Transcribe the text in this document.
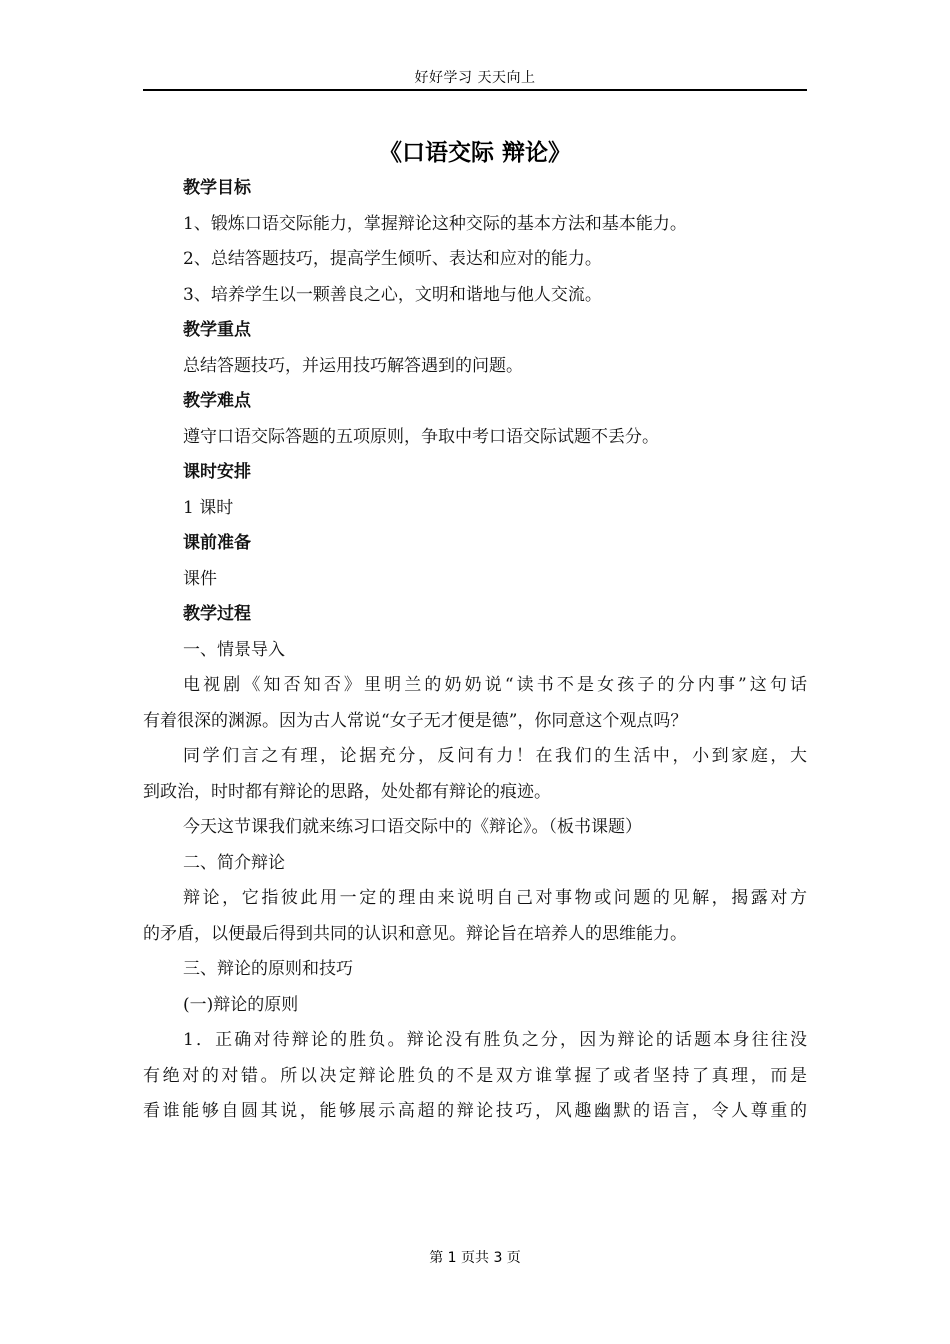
好好学习 天天向上
《口语交际 辩论》
教学目标
1、锻炼口语交际能力，掌握辩论这种交际的基本方法和基本能力。
2、总结答题技巧，提高学生倾听、表达和应对的能力。
3、培养学生以一颗善良之心，文明和谐地与他人交流。
教学重点
总结答题技巧，并运用技巧解答遇到的问题。
教学难点
遵守口语交际答题的五项原则，争取中考口语交际试题不丢分。
课时安排
1 课时
课前准备
课件
教学过程
一、情景导入
电视剧《知否知否》里明兰的奶奶说“读书不是女孩子的分内事”这句话
有着很深的渊源。因为古人常说“女子无才便是德”，你同意这个观点吗？
同学们言之有理，论据充分，反问有力！在我们的生活中，小到家庭，大
到政治，时时都有辩论的思路，处处都有辩论的痕迹。
今天这节课我们就来练习口语交际中的《辩论》。（板书课题）
二、简介辩论
辩论，它指彼此用一定的理由来说明自己对事物或问题的见解，揭露对方
的矛盾，以便最后得到共同的认识和意见。辩论旨在培养人的思维能力。
三、辩论的原则和技巧
(一)辩论的原则
1．正确对待辩论的胜负。辩论没有胜负之分，因为辩论的话题本身往往没
有绝对的对错。所以决定辩论胜负的不是双方谁掌握了或者坚持了真理，而是
看谁能够自圆其说，能够展示高超的辩论技巧，风趣幽默的语言，令人尊重的
第 1 页共 3 页
